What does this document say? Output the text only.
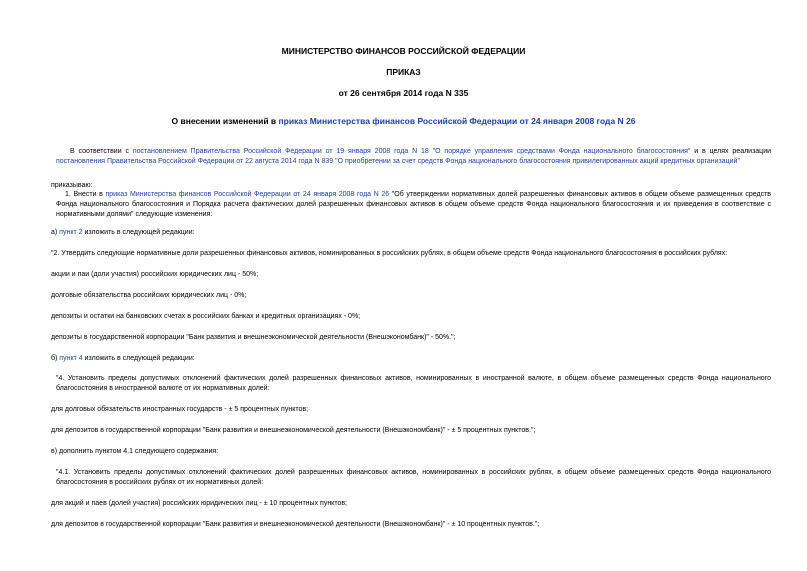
МИНИСТЕРСТВО ФИНАНСОВ РОССИЙСКОЙ ФЕДЕРАЦИИ
ПРИКАЗ
от 26 сентября 2014 года N 335
О внесении изменений в приказ Министерства финансов Российской Федерации от 24 января 2008 года N 26
В соответствии с постановлением Правительства Российской Федерации от 19 января 2008 года N 18 "О порядке управления средствами Фонда национального благосостояния" и в целях реализации постановления Правительства Российской Федерации от 22 августа 2014 года N 839 "О приобретении за счет средств Фонда национального благосостояния привилегированных акций кредитных организаций"
приказываю:
1. Внести в приказ Министерства финансов Российской Федерации от 24 января 2008 года N 26 "Об утверждении нормативных долей разрешенных финансовых активов в общем объеме размещенных средств Фонда национального благосостояния и Порядка расчета фактических долей разрешенных финансовых активов в общем объеме средств Фонда национального благосостояния и их приведения в соответствие с нормативными долями" следующие изменения:
а) пункт 2 изложить в следующей редакции:
"2. Утвердить следующие нормативные доли разрешенных финансовых активов, номинированных в российских рублях, в общем объеме средств Фонда национального благосостояния в российских рублях:
акции и паи (доли участия) российских юридических лиц - 50%;
долговые обязательства российских юридических лиц - 0%;
депозиты и остатки на банковских счетах в российских банках и кредитных организациях - 0%;
депозиты в государственной корпорации "Банк развития и внешнеэкономической деятельности (Внешэкономбанк)" - 50%.";
б) пункт 4 изложить в следующей редакции:
"4. Установить пределы допустимых отклонений фактических долей разрешенных финансовых активов, номинированных в иностранной валюте, в общем объеме размещенных средств Фонда национального благосостояния в иностранной валюте от их нормативных долей:
для долговых обязательств иностранных государств - ± 5 процентных пунктов;
для депозитов в государственной корпорации "Банк развития и внешнеэкономической деятельности (Внешэкономбанк)" - ± 5 процентных пунктов.";
в) дополнить пунктом 4.1 следующего содержания:
"4.1. Установить пределы допустимых отклонений фактических долей разрешенных финансовых активов, номинированных в российских рублях, в общем объеме размещенных средств Фонда национального благосостояния в российских рублях от их нормативных долей:
для акций и паев (долей участия) российских юридических лиц - ± 10 процентных пунктов;
для депозитов в государственной корпорации "Банк развития и внешнеэкономической деятельности (Внешэкономбанк)" - ± 10 процентных пунктов.";
